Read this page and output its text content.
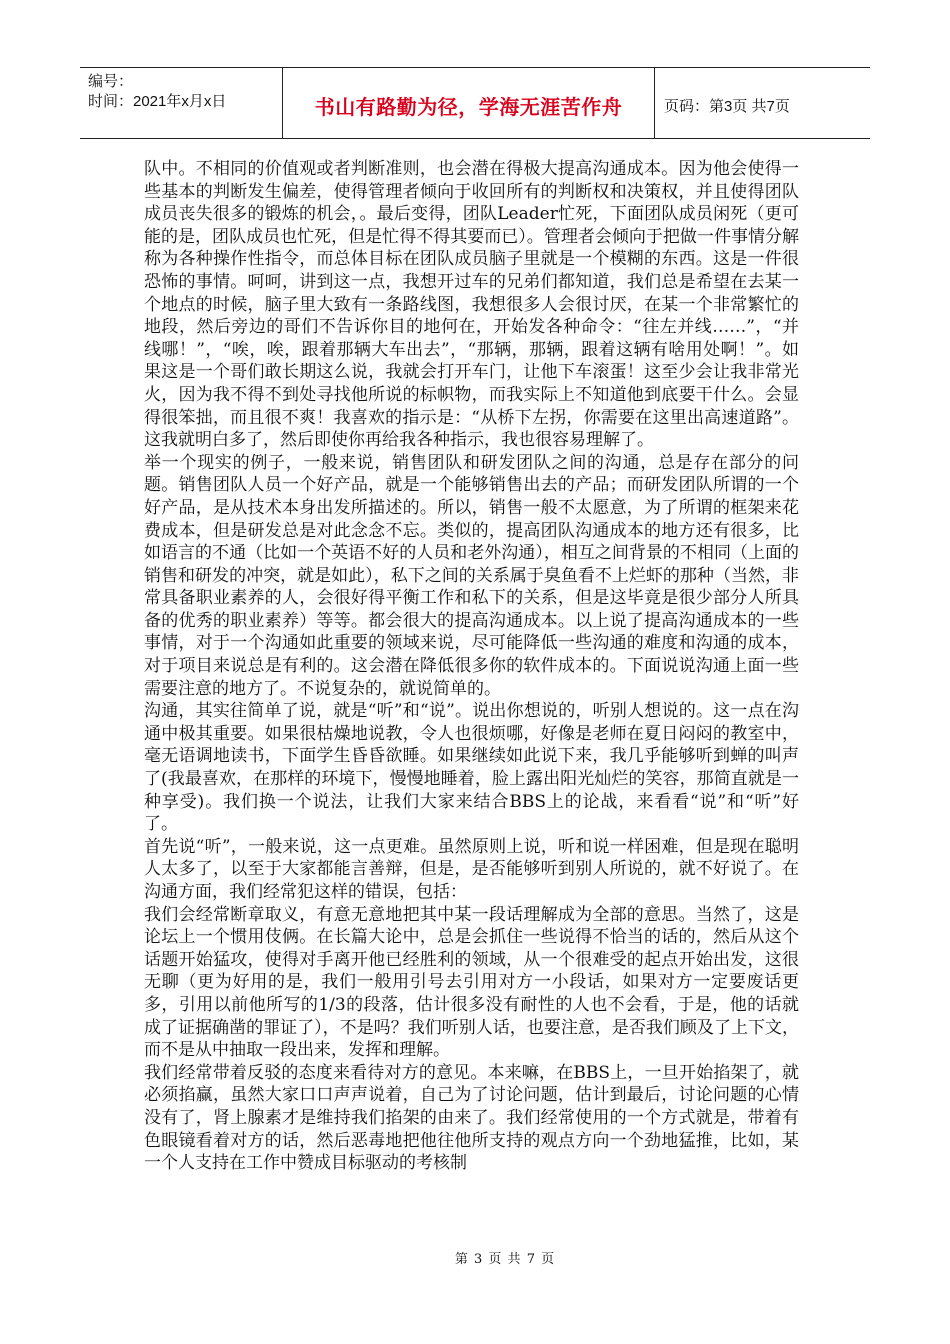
编号：
时间：2021年x月x日	书山有路勤为径，学海无涯苦作舟	页码：第3页 共7页

队中。不相同的价值观或者判断准则，也会潜在得极大提高沟通成本。因为他会使得一些基本的判断发生偏差，使得管理者倾向于收回所有的判断权和决策权，并且使得团队成员丧失很多的锻炼的机会，。最后变得，团队Leader忙死，下面团队成员闲死（更可能的是，团队成员也忙死，但是忙得不得其要而已）。管理者会倾向于把做一件事情分解称为各种操作性指令，而总体目标在团队成员脑子里就是一个模糊的东西。这是一件很恐怖的事情。呵呵，讲到这一点，我想开过车的兄弟们都知道，我们总是希望在去某一个地点的时候，脑子里大致有一条路线图，我想很多人会很讨厌，在某一个非常繁忙的地段，然后旁边的哥们不告诉你目的地何在，开始发各种命令：“往左并线……”，“并线哪！”，“唉，唉，跟着那辆大车出去”，“那辆，那辆，跟着这辆有啥用处啊！”。如果这是一个哥们敢长期这么说，我就会打开车门，让他下车滚蛋！这至少会让我非常光火，因为我不得不到处寻找他所说的标帜物，而我实际上不知道他到底要干什么。会显得很笨拙，而且很不爽！我喜欢的指示是：“从桥下左拐，你需要在这里出高速道路”。这我就明白多了，然后即使你再给我各种指示，我也很容易理解了。

举一个现实的例子，一般来说，销售团队和研发团队之间的沟通，总是存在部分的问题。销售团队人员一个好产品，就是一个能够销售出去的产品；而研发团队所谓的一个好产品，是从技术本身出发所描述的。所以，销售一般不太愿意，为了所谓的框架来花费成本，但是研发总是对此念念不忘。类似的，提高团队沟通成本的地方还有很多，比如语言的不通（比如一个英语不好的人员和老外沟通），相互之间背景的不相同（上面的销售和研发的冲突，就是如此），私下之间的关系属于臭鱼看不上烂虾的那种（当然，非常具备职业素养的人，会很好得平衡工作和私下的关系，但是这毕竟是很少部分人所具备的优秀的职业素养）等等。都会很大的提高沟通成本。以上说了提高沟通成本的一些事情，对于一个沟通如此重要的领域来说，尽可能降低一些沟通的难度和沟通的成本，对于项目来说总是有利的。这会潜在降低很多你的软件成本的。下面说说沟通上面一些需要注意的地方了。不说复杂的，就说简单的。

沟通，其实往简单了说，就是“听”和“说”。说出你想说的，听别人想说的。这一点在沟通中极其重要。如果很枯燥地说教，令人也很烦哪，好像是老师在夏日闷闷的教室中，毫无语调地读书，下面学生昏昏欲睡。如果继续如此说下来，我几乎能够听到蝉的叫声了(我最喜欢，在那样的环境下，慢慢地睡着，脸上露出阳光灿烂的笑容，那简直就是一种享受)。我们换一个说法，让我们大家来结合BBS上的论战，来看看“说”和“听”好了。

首先说“听”，一般来说，这一点更难。虽然原则上说，听和说一样困难，但是现在聪明人太多了，以至于大家都能言善辩，但是，是否能够听到别人所说的，就不好说了。在沟通方面，我们经常犯这样的错误，包括：

我们会经常断章取义，有意无意地把其中某一段话理解成为全部的意思。当然了，这是论坛上一个惯用伎俩。在长篇大论中，总是会抓住一些说得不恰当的话的，然后从这个话题开始猛攻，使得对手离开他已经胜利的领域，从一个很难受的起点开始出发，这很无聊（更为好用的是，我们一般用引号去引用对方一小段话，如果对方一定要废话更多，引用以前他所写的1/3的段落，估计很多没有耐性的人也不会看，于是，他的话就成了证据确凿的罪证了），不是吗？我们听别人话，也要注意，是否我们顾及了上下文，而不是从中抽取一段出来，发挥和理解。

我们经常带着反驳的态度来看待对方的意见。本来嘛，在BBS上，一旦开始掐架了，就必须掐赢，虽然大家口口声声说着，自己为了讨论问题，估计到最后，讨论问题的心情没有了，肾上腺素才是维持我们掐架的由来了。我们经常使用的一个方式就是，带着有色眼镜看着对方的话，然后恶毒地把他往他所支持的观点方向一个劲地猛推，比如，某一个人支持在工作中赞成目标驱动的考核制

第 3 页 共 7 页
